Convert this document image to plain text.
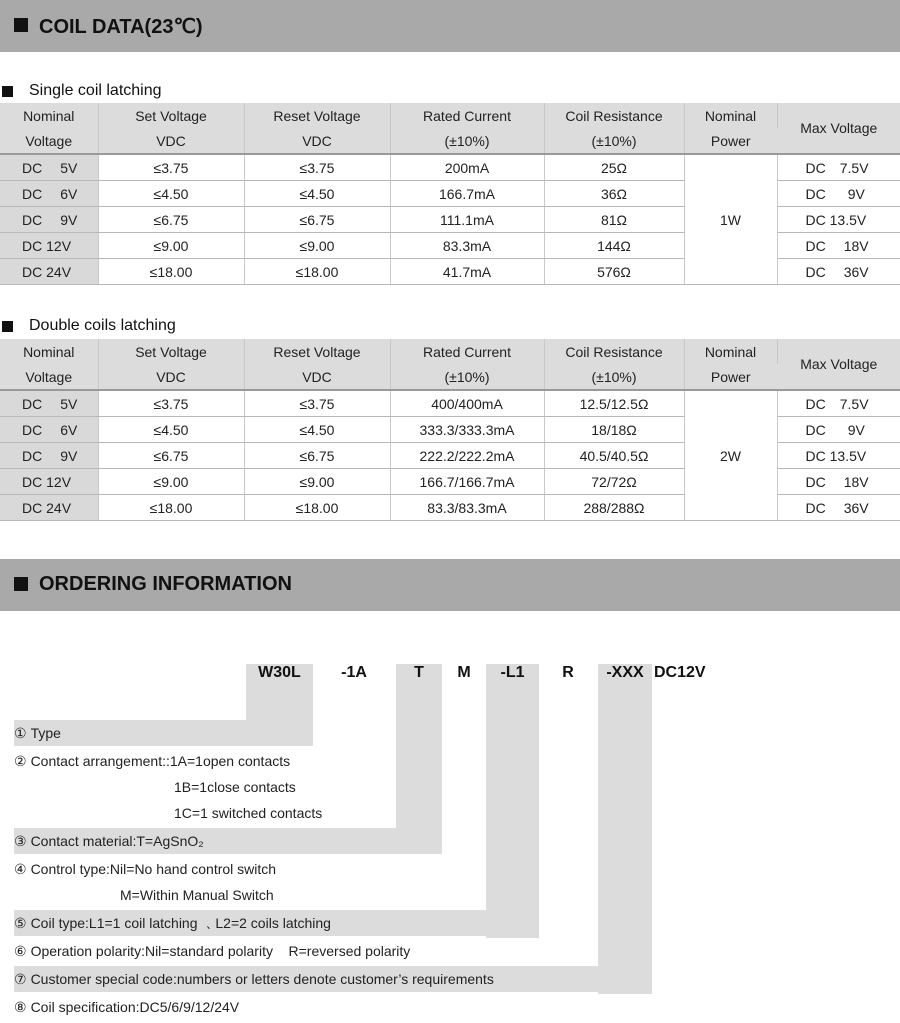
COIL DATA(23℃)
Single coil latching
Nominal	Set Voltage	Reset Voltage	Rated Current	Coil Resistance	Nominal	Max Voltage
Voltage	VDC	VDC	(±10%)	(±10%)	Power	
DC 5V	≤3.75	≤3.75	200mA	25Ω	1W	DC 7.5V
DC 6V	≤4.50	≤4.50	166.7mA	36Ω		DC 9V
DC 9V	≤6.75	≤6.75	111.1mA	81Ω		DC 13.5V
DC 12V	≤9.00	≤9.00	83.3mA	144Ω		DC 18V
DC 24V	≤18.00	≤18.00	41.7mA	576Ω		DC 36V
Double coils latching
Nominal	Set Voltage	Reset Voltage	Rated Current	Coil Resistance	Nominal	Max Voltage
Voltage	VDC	VDC	(±10%)	(±10%)	Power	
DC 5V	≤3.75	≤3.75	400/400mA	12.5/12.5Ω	2W	DC 7.5V
DC 6V	≤4.50	≤4.50	333.3/333.3mA	18/18Ω		DC 9V
DC 9V	≤6.75	≤6.75	222.2/222.2mA	40.5/40.5Ω		DC 13.5V
DC 12V	≤9.00	≤9.00	166.7/166.7mA	72/72Ω		DC 18V
DC 24V	≤18.00	≤18.00	83.3/83.3mA	288/288Ω		DC 36V
ORDERING INFORMATION
W30L	-1A	T	M	-L1	R	-XXX DC12V
① Type
② Contact arrangement::1A=1open contacts
1B=1close contacts
1C=1 switched contacts
③ Contact material:T=AgSnO₂
④ Control type:Nil=No hand control switch
M=Within Manual Switch
⑤ Coil type:L1=1 coil latching ﹑L2=2 coils latching
⑥ Operation polarity:Nil=standard polarity    R=reversed polarity
⑦ Customer special code:numbers or letters denote customer’s requirements
⑧ Coil specification:DC5/6/9/12/24V
